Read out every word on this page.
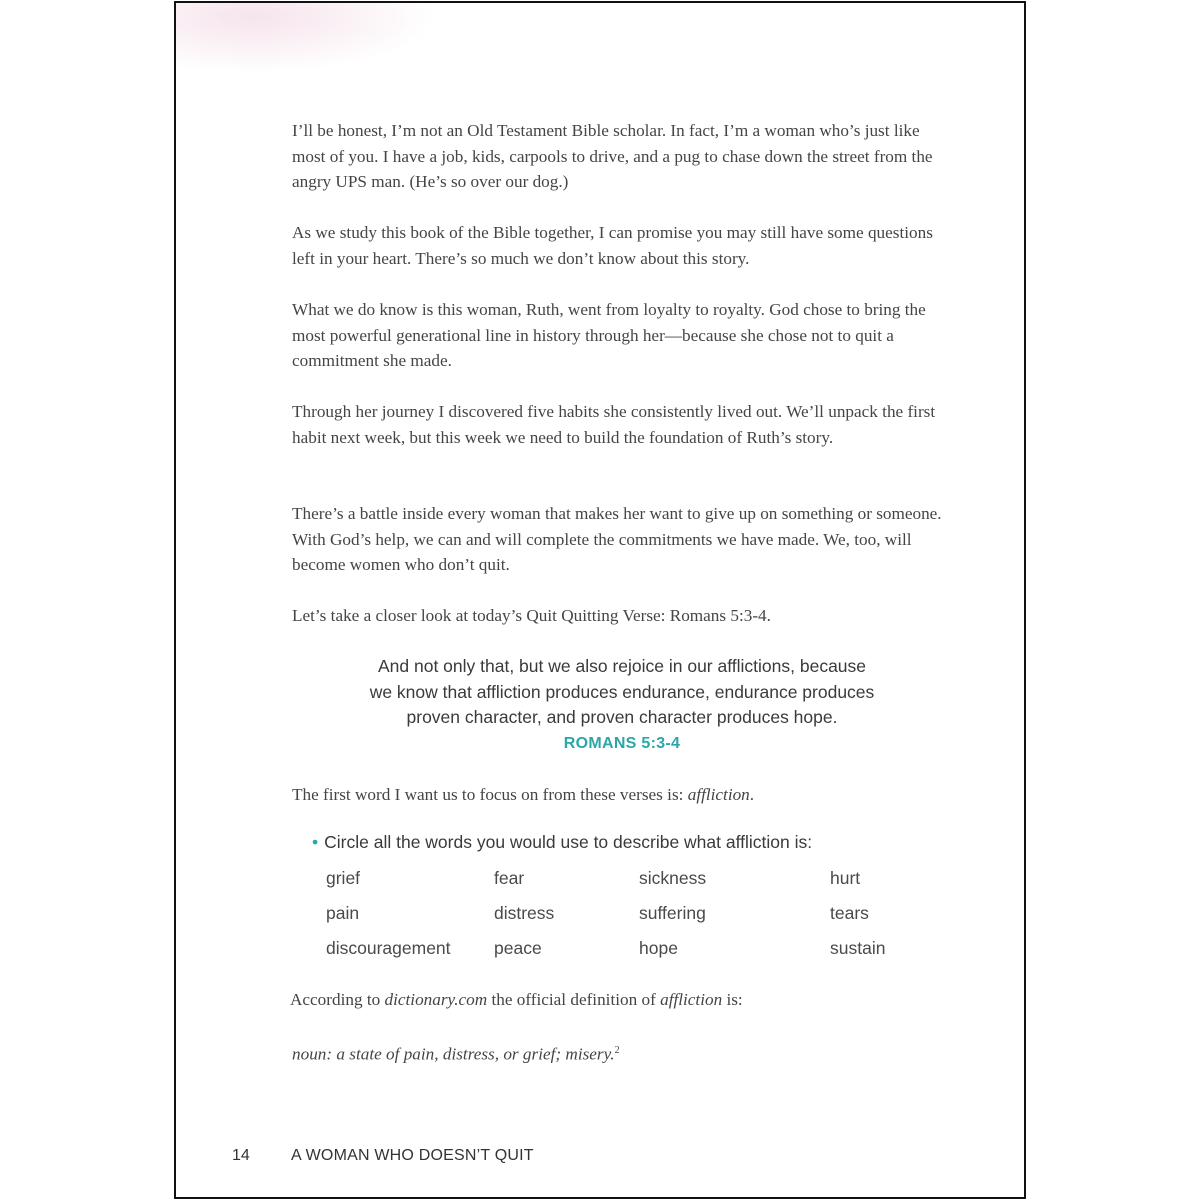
I’ll be honest, I’m not an Old Testament Bible scholar. In fact, I’m a woman who’s just like most of you. I have a job, kids, carpools to drive, and a pug to chase down the street from the angry UPS man. (He’s so over our dog.)

As we study this book of the Bible together, I can promise you may still have some questions left in your heart. There’s so much we don’t know about this story.

What we do know is this woman, Ruth, went from loyalty to royalty. God chose to bring the most powerful generational line in history through her—because she chose not to quit a commitment she made.

Through her journey I discovered five habits she consistently lived out. We’ll unpack the first habit next week, but this week we need to build the foundation of Ruth’s story.

There’s a battle inside every woman that makes her want to give up on something or someone. With God’s help, we can and will complete the commitments we have made. We, too, will become women who don’t quit.

Let’s take a closer look at today’s Quit Quitting Verse: Romans 5:3-4.

And not only that, but we also rejoice in our afflictions, because
we know that affliction produces endurance, endurance produces
proven character, and proven character produces hope.
ROMANS 5:3-4

The first word I want us to focus on from these verses is: affliction.

• Circle all the words you would use to describe what affliction is:
grief	fear	sickness	hurt
pain	distress	suffering	tears
discouragement peace	hope	sustain

According to dictionary.com the official definition of affliction is:

noun: a state of pain, distress, or grief; misery.$^2$

14	A WOMAN WHO DOESN’T QUIT
